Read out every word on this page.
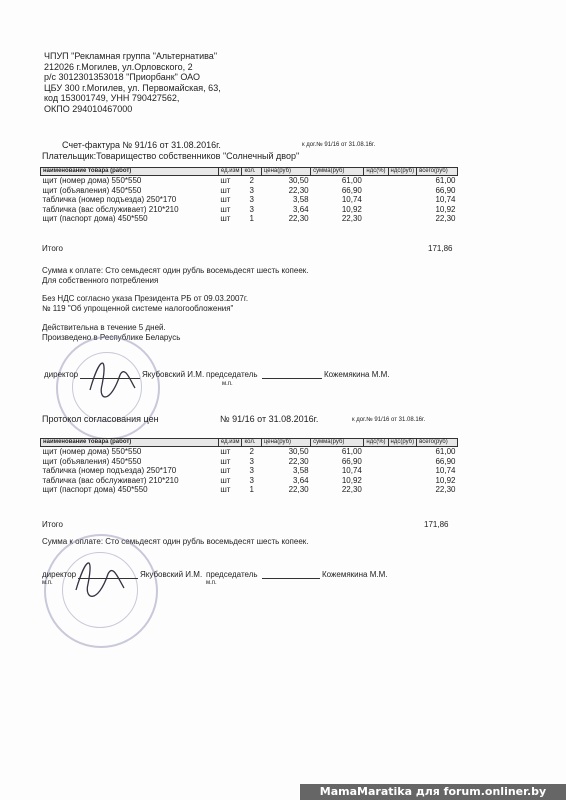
ЧПУП "Рекламная группа "Альтернатива"
212026 г.Могилев, ул.Орловского, 2
р/с 3012301353018 "Приорбанк" ОАО
ЦБУ 300 г.Могилев, ул. Первомайская, 63,
код 153001749, УНН 790427562,
ОКПО 294010467000
Счет-фактура № 91/16 от 31.08.2016г.	к дог.№ 91/16 от 31.08.16г.
Плательщик:Товарищество собственников "Солнечный двор"
наименование товара (работ)	ед.изм	кол.	цена(руб)	сумма(руб)	ндс(%)	ндс(руб)	всего(руб)
щит (номер дома) 550*550	шт	2	30,50	61,00			61,00
щит (объявления) 450*550	шт	3	22,30	66,90			66,90
табличка (номер подъезда) 250*170	шт	3	3,58	10,74			10,74
табличка (вас обслуживает) 210*210	шт	3	3,64	10,92			10,92
щит (паспорт дома) 450*550	шт	1	22,30	22,30			22,30
Итого	171,86
Сумма к оплате: Сто семьдесят один рубль восемьдесят шесть копеек.
Для собственного потребления
Без НДС согласно указа Президента РБ от 09.03.2007г.
№ 119 "Об упрощенной системе налогообложения"
Действительна в течение 5 дней.
Произведено в Республике Беларусь
директор	Якубовский И.М. председатель	Кожемякина М.М.
м.п.
Протокол согласования цен	№ 91/16 от 31.08.2016г.	к дог.№ 91/16 от 31.08.16г.
наименование товара (работ)	ед.изм	кол.	цена(руб)	сумма(руб)	ндс(%)	ндс(руб)	всего(руб)
щит (номер дома) 550*550	шт	2	30,50	61,00			61,00
щит (объявления) 450*550	шт	3	22,30	66,90			66,90
табличка (номер подъезда) 250*170	шт	3	3,58	10,74			10,74
табличка (вас обслуживает) 210*210	шт	3	3,64	10,92			10,92
щит (паспорт дома) 450*550	шт	1	22,30	22,30			22,30
Итого	171,86
Сумма к оплате: Сто семьдесят один рубль восемьдесят шесть копеек.
директор	Якубовский И.М.
м.п.
председатель	Кожемякина М.М.
м.п.
MamaMaratika для forum.onliner.by
